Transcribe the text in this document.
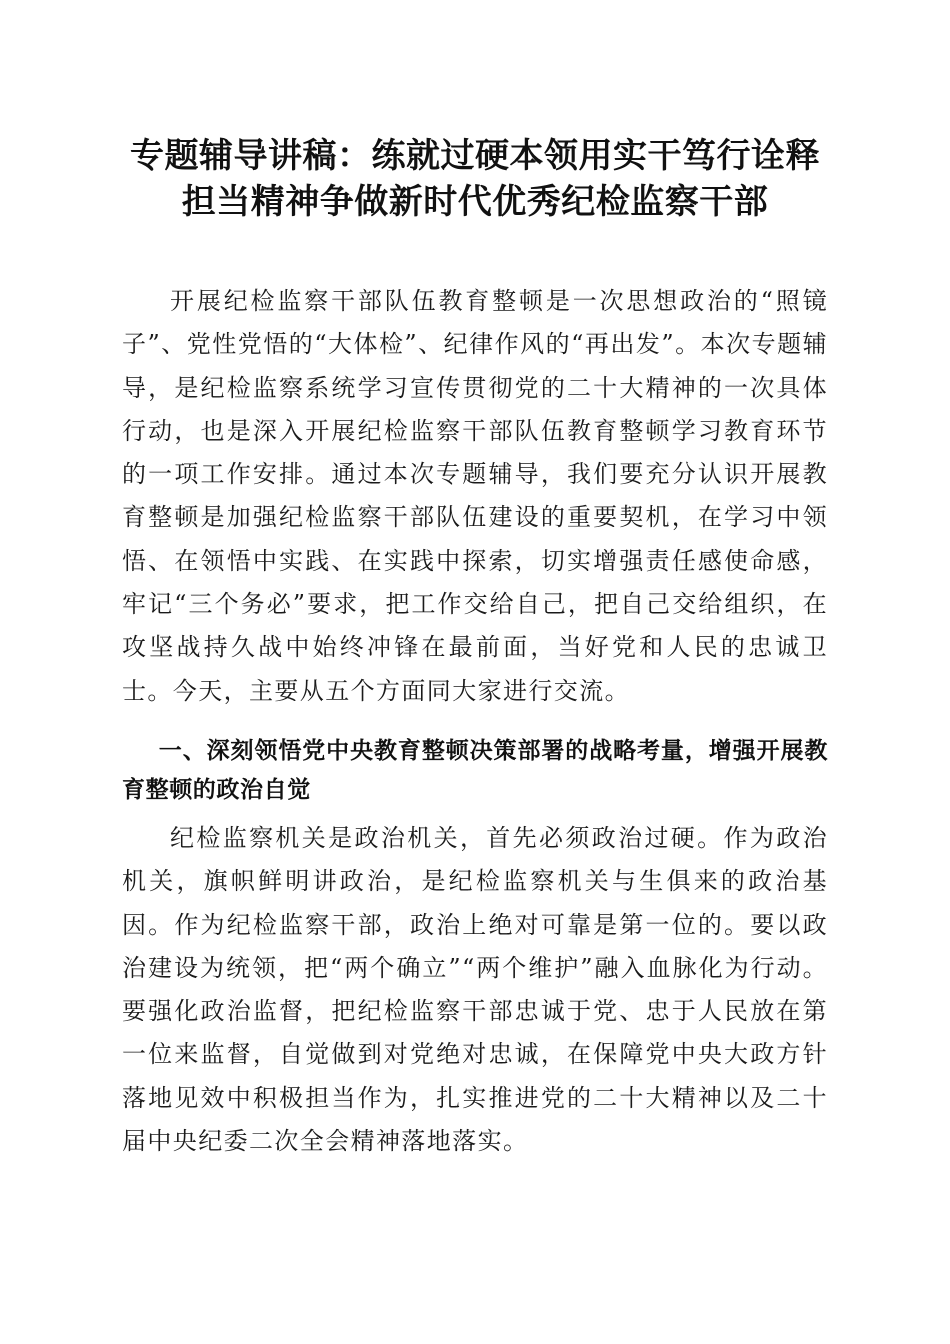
专题辅导讲稿：练就过硬本领用实干笃行诠释
担当精神争做新时代优秀纪检监察干部

开展纪检监察干部队伍教育整顿是一次思想政治的“照镜子”、党性党悟的“大体检”、纪律作风的“再出发”。本次专题辅导，是纪检监察系统学习宣传贯彻党的二十大精神的一次具体行动，也是深入开展纪检监察干部队伍教育整顿学习教育环节的一项工作安排。通过本次专题辅导，我们要充分认识开展教育整顿是加强纪检监察干部队伍建设的重要契机，在学习中领悟、在领悟中实践、在实践中探索，切实增强责任感使命感，牢记“三个务必”要求，把工作交给自己，把自己交给组织，在攻坚战持久战中始终冲锋在最前面，当好党和人民的忠诚卫士。今天，主要从五个方面同大家进行交流。

一、深刻领悟党中央教育整顿决策部署的战略考量，增强开展教育整顿的政治自觉

纪检监察机关是政治机关，首先必须政治过硬。作为政治机关，旗帜鲜明讲政治，是纪检监察机关与生俱来的政治基因。作为纪检监察干部，政治上绝对可靠是第一位的。要以政治建设为统领，把“两个确立”“两个维护”融入血脉化为行动。要强化政治监督，把纪检监察干部忠诚于党、忠于人民放在第一位来监督，自觉做到对党绝对忠诚，在保障党中央大政方针落地见效中积极担当作为，扎实推进党的二十大精神以及二十届中央纪委二次全会精神落地落实。
